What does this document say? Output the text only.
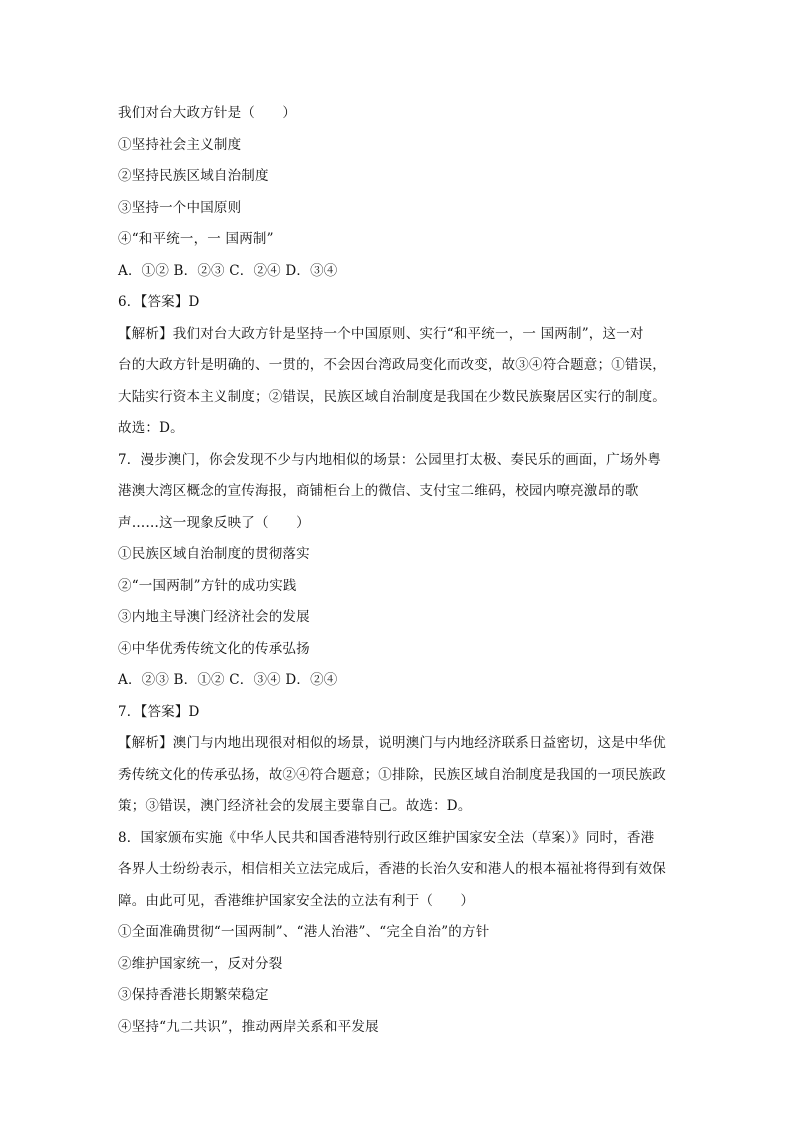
我们对台大政方针是（　　）
①坚持社会主义制度
②坚持民族区域自治制度
③坚持一个中国原则
④“和平统一，一 国两制”
A．①② B．②③ C．②④ D．③④
6．【答案】D
【解析】我们对台大政方针是坚持一个中国原则、实行“和平统一，一 国两制”，这一对
台的大政方针是明确的、一贯的，不会因台湾政局变化而改变，故③④符合题意；①错误，
大陆实行资本主义制度；②错误，民族区域自治制度是我国在少数民族聚居区实行的制度。
故选：D。
7．漫步澳门，你会发现不少与内地相似的场景：公园里打太极、奏民乐的画面，广场外粤
港澳大湾区概念的宣传海报，商铺柜台上的微信、支付宝二维码，校园内嘹亮激昂的歌
声……这一现象反映了（　　）
①民族区域自治制度的贯彻落实
②“一国两制”方针的成功实践
③内地主导澳门经济社会的发展
④中华优秀传统文化的传承弘扬
A．②③ B．①② C．③④ D．②④
7．【答案】D
【解析】澳门与内地出现很对相似的场景，说明澳门与内地经济联系日益密切，这是中华优
秀传统文化的传承弘扬，故②④符合题意；①排除，民族区域自治制度是我国的一项民族政
策；③错误，澳门经济社会的发展主要靠自己。故选：D。
8．国家颁布实施《中华人民共和国香港特别行政区维护国家安全法（草案）》同时，香港
各界人士纷纷表示，相信相关立法完成后，香港的长治久安和港人的根本福祉将得到有效保
障。由此可见，香港维护国家安全法的立法有利于（　　）
①全面准确贯彻“一国两制”、“港人治港”、“完全自治”的方针
②维护国家统一，反对分裂
③保持香港长期繁荣稳定
④坚持“九二共识”，推动两岸关系和平发展
